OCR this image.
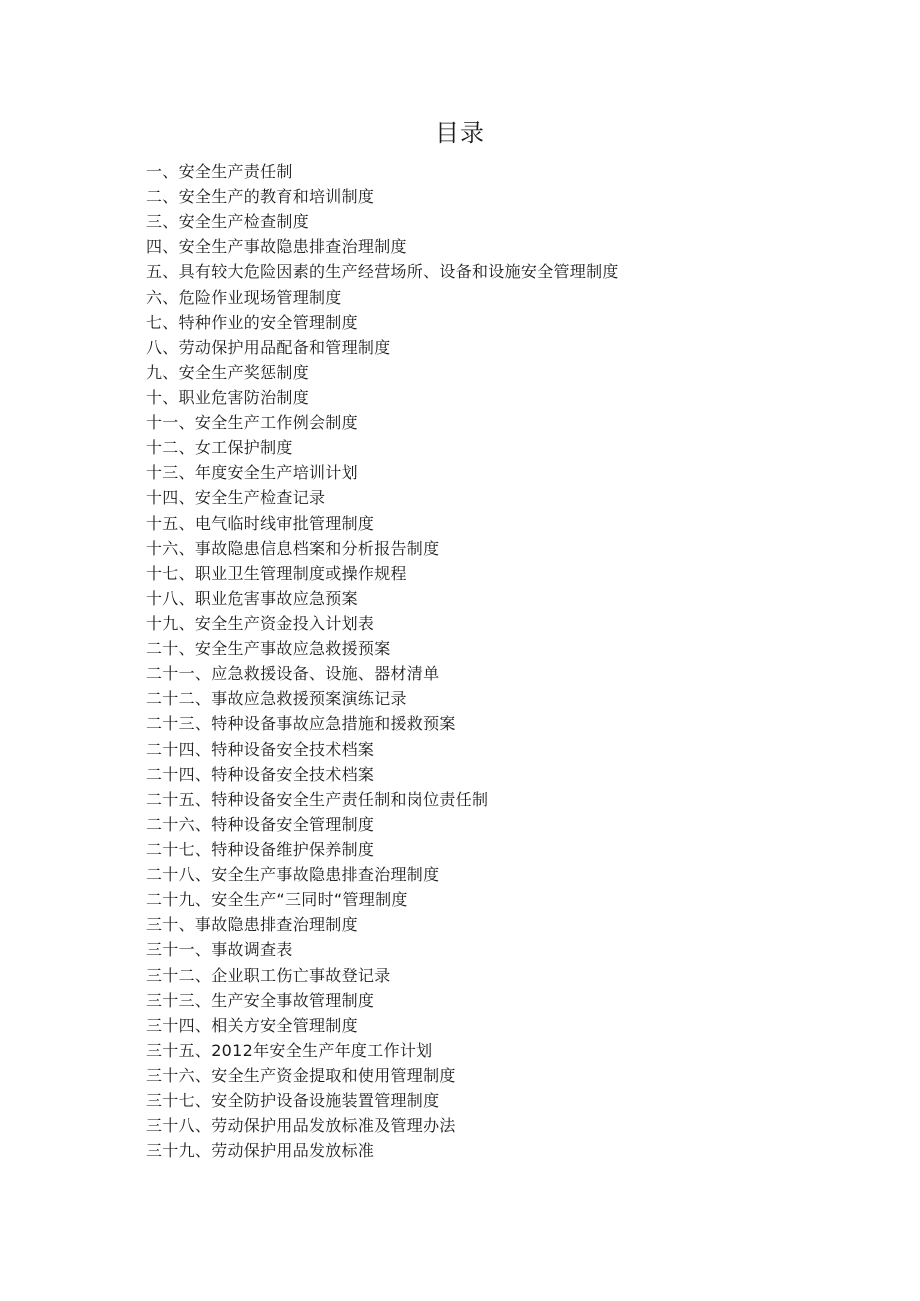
目录
一、安全生产责任制
二、安全生产的教育和培训制度
三、安全生产检查制度
四、安全生产事故隐患排查治理制度
五、具有较大危险因素的生产经营场所、设备和设施安全管理制度
六、危险作业现场管理制度
七、特种作业的安全管理制度
八、劳动保护用品配备和管理制度
九、安全生产奖惩制度
十、职业危害防治制度
十一、安全生产工作例会制度
十二、女工保护制度
十三、年度安全生产培训计划
十四、安全生产检查记录
十五、电气临时线审批管理制度
十六、事故隐患信息档案和分析报告制度
十七、职业卫生管理制度或操作规程
十八、职业危害事故应急预案
十九、安全生产资金投入计划表
二十、安全生产事故应急救援预案
二十一、应急救援设备、设施、器材清单
二十二、事故应急救援预案演练记录
二十三、特种设备事故应急措施和援救预案
二十四、特种设备安全技术档案
二十四、特种设备安全技术档案
二十五、特种设备安全生产责任制和岗位责任制
二十六、特种设备安全管理制度
二十七、特种设备维护保养制度
二十八、安全生产事故隐患排查治理制度
二十九、安全生产“三同时“管理制度
三十、事故隐患排查治理制度
三十一、事故调查表
三十二、企业职工伤亡事故登记录
三十三、生产安全事故管理制度
三十四、相关方安全管理制度
三十五、2012年安全生产年度工作计划
三十六、安全生产资金提取和使用管理制度
三十七、安全防护设备设施装置管理制度
三十八、劳动保护用品发放标准及管理办法
三十九、劳动保护用品发放标准
